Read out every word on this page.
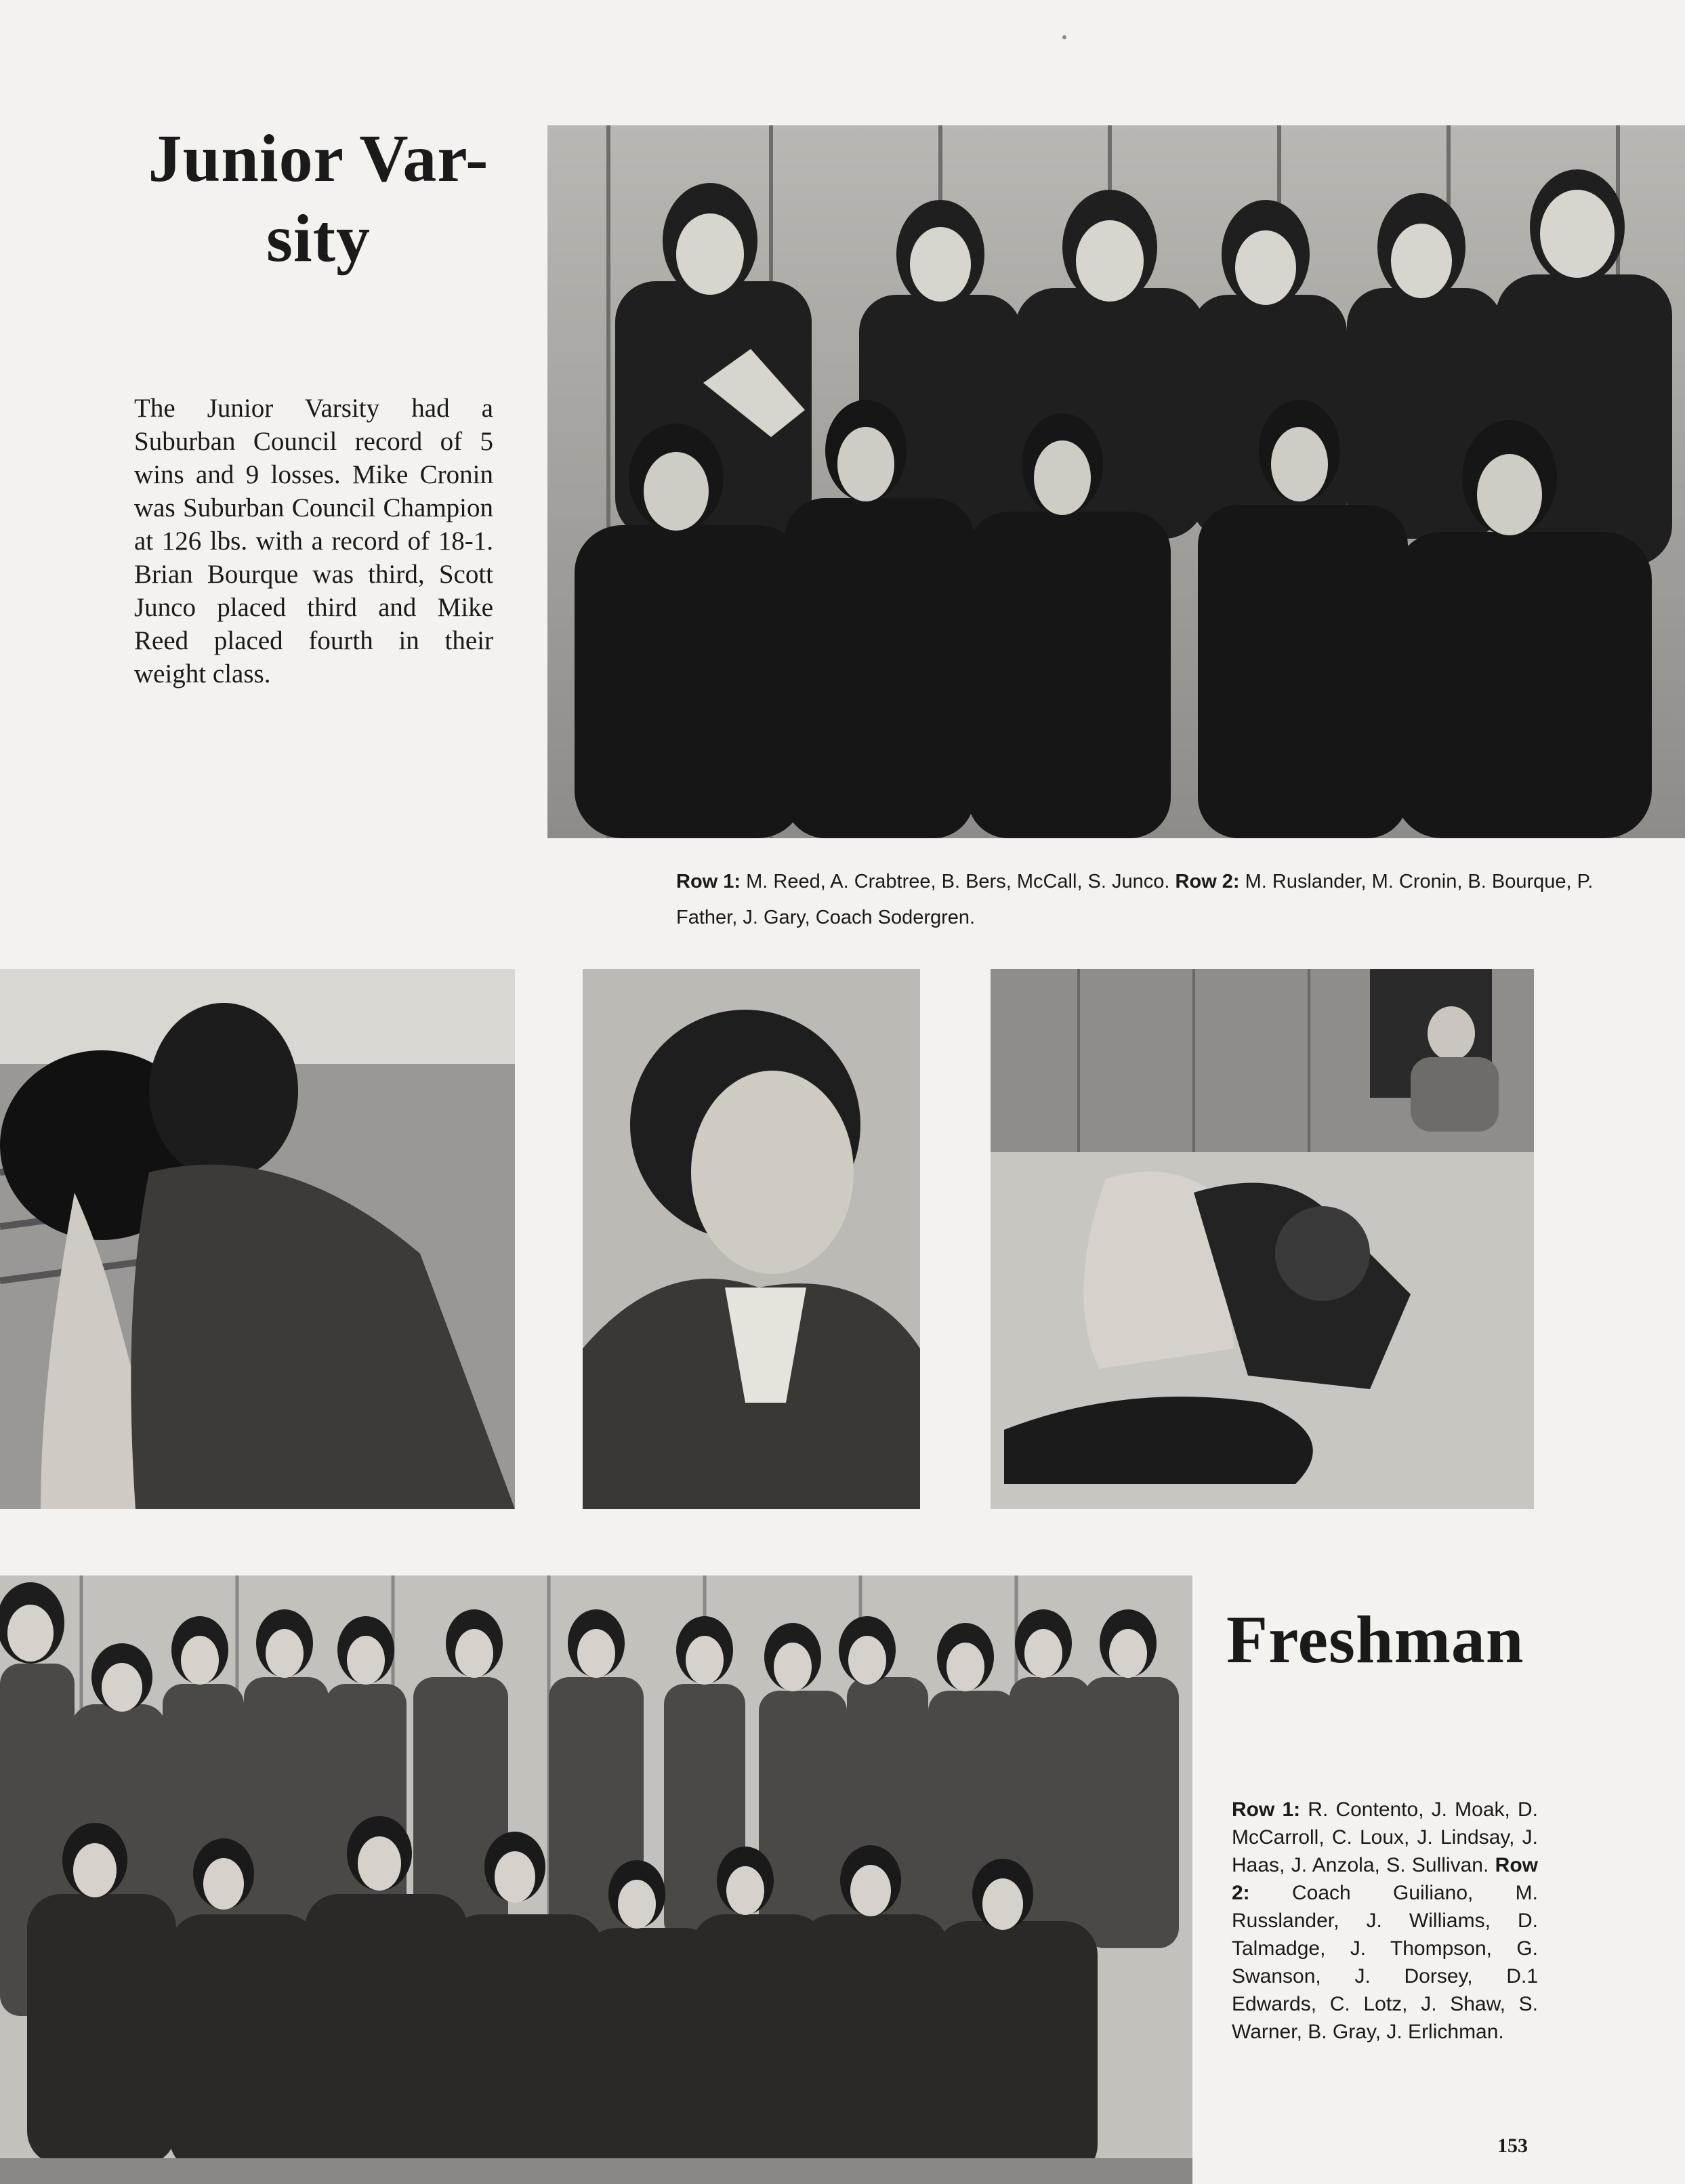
Junior Var-
sity
The Junior Varsity had a Suburban Council record of 5 wins and 9 losses. Mike Cronin was Suburban Council Champion at 126 lbs. with a record of 18-1. Brian Bourque was third, Scott Junco placed third and Mike Reed placed fourth in their weight class.
Row 1: M. Reed, A. Crabtree, B. Bers, McCall, S. Junco. Row 2: M. Ruslander, M. Cronin, B. Bourque, P. Father, J. Gary, Coach Sodergren.
Freshman
Row 1: R. Contento, J. Moak, D. McCarroll, C. Loux, J. Lindsay, J. Haas, J. Anzola, S. Sullivan. Row 2: Coach Guiliano, M. Russlander, J. Williams, D. Talmadge, J. Thompson, G. Swanson, J. Dorsey, D.1 Edwards, C. Lotz, J. Shaw, S. Warner, B. Gray, J. Erlichman.
153
